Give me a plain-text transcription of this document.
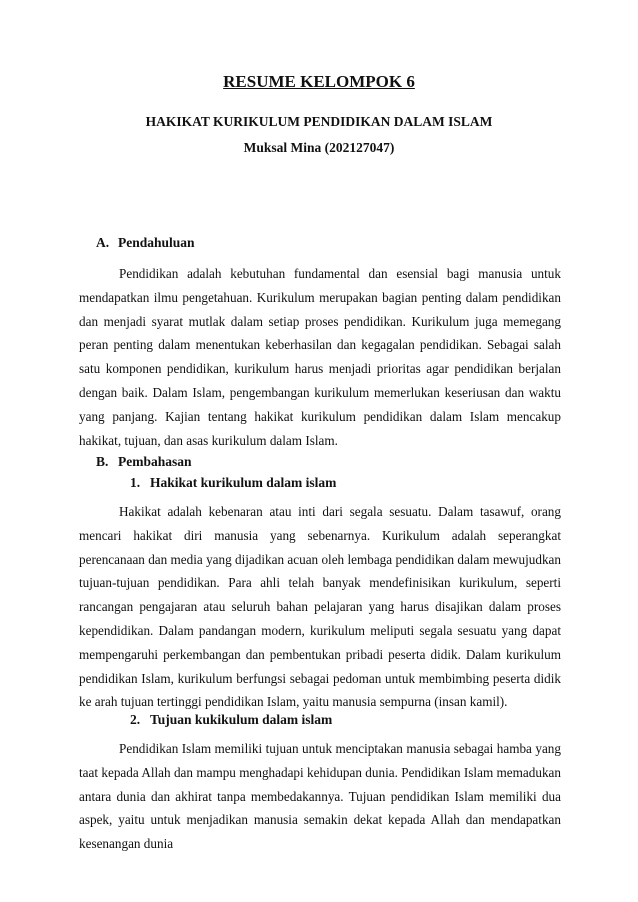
RESUME KELOMPOK 6

HAKIKAT KURIKULUM PENDIDIKAN DALAM ISLAM

Muksal Mina (202127047)

A. Pendahuluan

Pendidikan adalah kebutuhan fundamental dan esensial bagi manusia untuk mendapatkan ilmu pengetahuan. Kurikulum merupakan bagian penting dalam pendidikan dan menjadi syarat mutlak dalam setiap proses pendidikan. Kurikulum juga memegang peran penting dalam menentukan keberhasilan dan kegagalan pendidikan. Sebagai salah satu komponen pendidikan, kurikulum harus menjadi prioritas agar pendidikan berjalan dengan baik. Dalam Islam, pengembangan kurikulum memerlukan keseriusan dan waktu yang panjang. Kajian tentang hakikat kurikulum pendidikan dalam Islam mencakup hakikat, tujuan, dan asas kurikulum dalam Islam.

B. Pembahasan
1. Hakikat kurikulum dalam islam

Hakikat adalah kebenaran atau inti dari segala sesuatu. Dalam tasawuf, orang mencari hakikat diri manusia yang sebenarnya. Kurikulum adalah seperangkat perencanaan dan media yang dijadikan acuan oleh lembaga pendidikan dalam mewujudkan tujuan-tujuan pendidikan. Para ahli telah banyak mendefinisikan kurikulum, seperti rancangan pengajaran atau seluruh bahan pelajaran yang harus disajikan dalam proses kependidikan. Dalam pandangan modern, kurikulum meliputi segala sesuatu yang dapat mempengaruhi perkembangan dan pembentukan pribadi peserta didik. Dalam kurikulum pendidikan Islam, kurikulum berfungsi sebagai pedoman untuk membimbing peserta didik ke arah tujuan tertinggi pendidikan Islam, yaitu manusia sempurna (insan kamil).

2. Tujuan kukikulum dalam islam

Pendidikan Islam memiliki tujuan untuk menciptakan manusia sebagai hamba yang taat kepada Allah dan mampu menghadapi kehidupan dunia. Pendidikan Islam memadukan antara dunia dan akhirat tanpa membedakannya. Tujuan pendidikan Islam memiliki dua aspek, yaitu untuk menjadikan manusia semakin dekat kepada Allah dan mendapatkan kesenangan dunia
